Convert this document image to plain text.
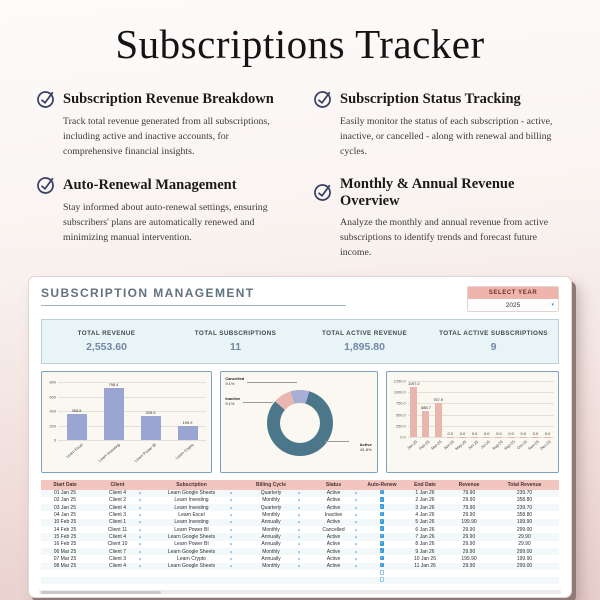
Subscriptions Tracker
Subscription Revenue Breakdown

Track total revenue generated from all subscriptions, including active and inactive accounts, for comprehensive financial insights.

Subscription Status Tracking

Easily monitor the status of each subscription - active, inactive, or cancelled - along with renewal and billing cycles.

Auto-Renewal Management

Stay informed about auto-renewal settings, ensuring subscribers' plans are automatically renewed and minimizing manual intervention.

Monthly & Annual Revenue Overview

Analyze the monthly and annual revenue from active subscriptions to identify trends and forecast future income.

SUBSCRIPTION MANAGEMENT	SELECT YEAR
2025	▾
TOTAL REVENUE
2,553.60
TOTAL SUBSCRIPTIONS
11
TOTAL ACTIVE REVENUE
1,895.80
TOTAL ACTIVE SUBSCRIPTIONS
9
358.8
Learn Excel
798.4
Learn Investing
328.9
Learn Power BI
199.9
Learn Crypto
800
600
400
200
0
Cancelled
9.1%
Inactive
9.1%
Active
81.8%
1197.0
Jan-25
588.7
Feb-25
767.9
Mar-25
0.0
Apr-25
0.0
May-25
0.0
Jun-25
0.0
Jul-25
0.0
Aug-25
0.0
Sep-25
0.0
Oct-25
0.0
Nov-25
0.0
Dec-25
1250.0
1000.0
750.0
500.0
250.0
0.0
Start Date	Client	Subscription	Billing Cycle	Status	Auto-Renew	End Date	Revenue	Total Revenue
01 Jan 25	Client 4	▾	Learn Google Sheets	▾	Quarterly	▾	Active	▾ ✓	1 Jan 26	79.90	239.70
02 Jan 25	Client 2	▾	Learn Investing	▾	Monthly	▾	Active	▾ ✓	2 Jan 26	29.90	358.80
03 Jan 25	Client 4	▾	Learn Investing	▾	Quarterly	▾	Active	▾ ✓	3 Jan 26	79.90	239.70
04 Jan 25	Client 3	▾	Learn Excel	▾	Monthly	▾	Inactive	▾ ✓	4 Jan 26	29.90	358.80
10 Feb 25	Client 1	▾	Learn Investing	▾	Annually	▾	Active	▾ ✓	5 Jan 26	199.90	199.90
14 Feb 25	Client 11	▾	Learn Power BI	▾	Monthly	▾	Cancelled	▾ ✓	6 Jan 26	29.90	299.00
15 Feb 25	Client 4	▾	Learn Google Sheets	▾	Annually	▾	Active	▾ ✓	7 Jan 26	29.90	29.90
16 Feb 25	Client 10	▾	Learn Power BI	▾	Annually	▾	Active	▾ ✓	8 Jan 26	29.90	29.90
06 Mar 25	Client 7	▾	Learn Google Sheets	▾	Monthly	▾	Active	▾ ✓	9 Jan 26	29.90	299.00
07 Mar 25	Client 3	▾	Learn Crypto	▾	Annually	▾	Active	▾ ✓	10 Jan 26	199.90	199.90
08 Mar 25	Client 4	▾	Learn Google Sheets	▾	Monthly	▾	Active	▾ ✓	11 Jan 26	29.90	299.00
